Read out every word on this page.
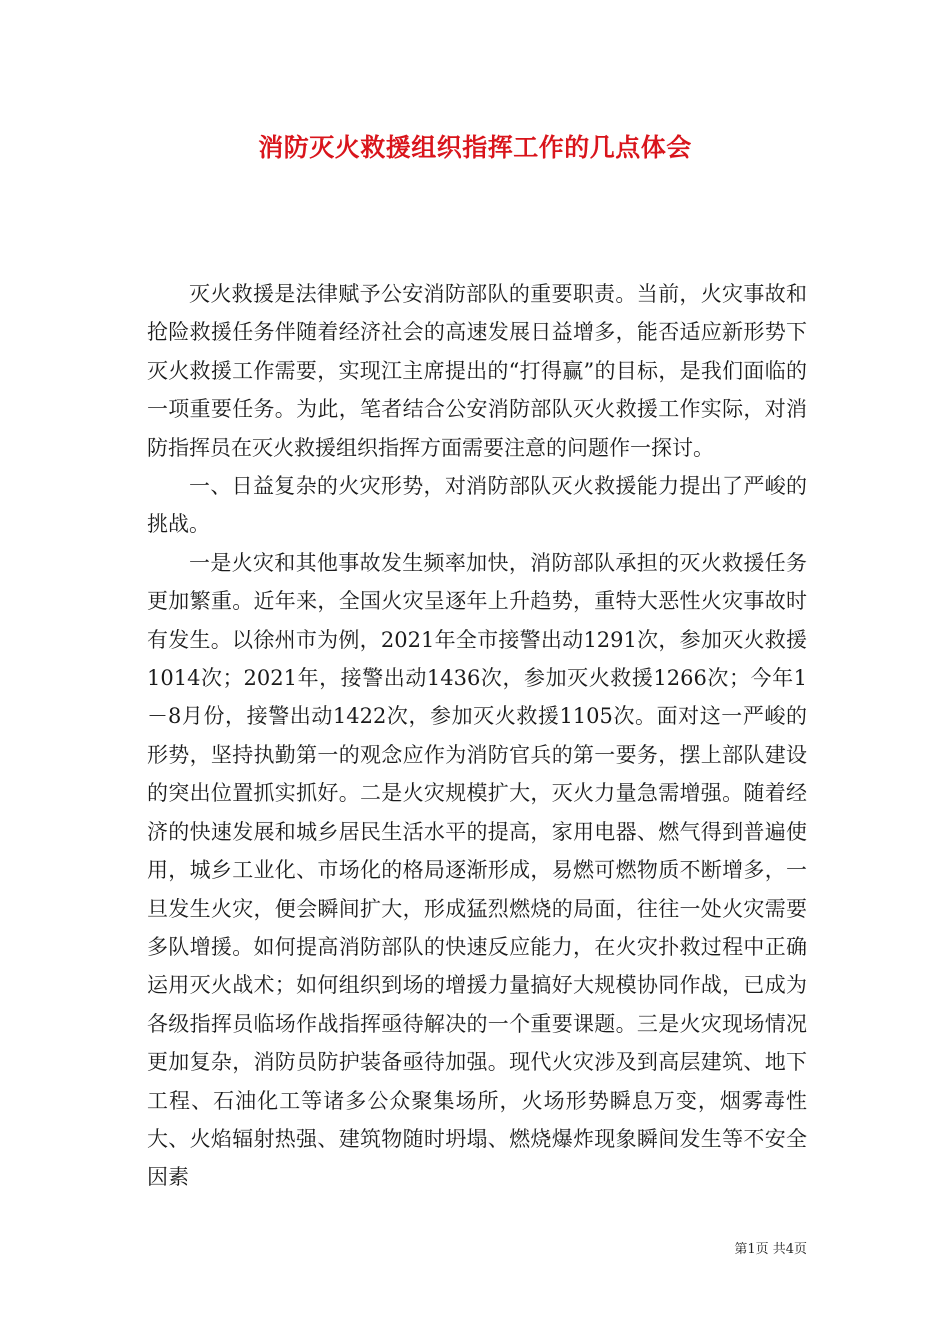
消防灭火救援组织指挥工作的几点体会

灭火救援是法律赋予公安消防部队的重要职责。当前，火灾事故和抢险救援任务伴随着经济社会的高速发展日益增多，能否适应新形势下灭火救援工作需要，实现江主席提出的“打得赢”的目标，是我们面临的一项重要任务。为此，笔者结合公安消防部队灭火救援工作实际，对消防指挥员在灭火救援组织指挥方面需要注意的问题作一探讨。

一、日益复杂的火灾形势，对消防部队灭火救援能力提出了严峻的挑战。

一是火灾和其他事故发生频率加快，消防部队承担的灭火救援任务更加繁重。近年来，全国火灾呈逐年上升趋势，重特大恶性火灾事故时有发生。以徐州市为例，2021年全市接警出动1291次，参加灭火救援1014次；2021年，接警出动1436次，参加灭火救援1266次；今年1－8月份，接警出动1422次，参加灭火救援1105次。面对这一严峻的形势，坚持执勤第一的观念应作为消防官兵的第一要务，摆上部队建设的突出位置抓实抓好。二是火灾规模扩大，灭火力量急需增强。随着经济的快速发展和城乡居民生活水平的提高，家用电器、燃气得到普遍使用，城乡工业化、市场化的格局逐渐形成，易燃可燃物质不断增多，一旦发生火灾，便会瞬间扩大，形成猛烈燃烧的局面，往往一处火灾需要多队增援。如何提高消防部队的快速反应能力，在火灾扑救过程中正确运用灭火战术；如何组织到场的增援力量搞好大规模协同作战，已成为各级指挥员临场作战指挥亟待解决的一个重要课题。三是火灾现场情况更加复杂，消防员防护装备亟待加强。现代火灾涉及到高层建筑、地下工程、石油化工等诸多公众聚集场所，火场形势瞬息万变，烟雾毒性大、火焰辐射热强、建筑物随时坍塌、燃烧爆炸现象瞬间发生等不安全因素

第1页 共4页
